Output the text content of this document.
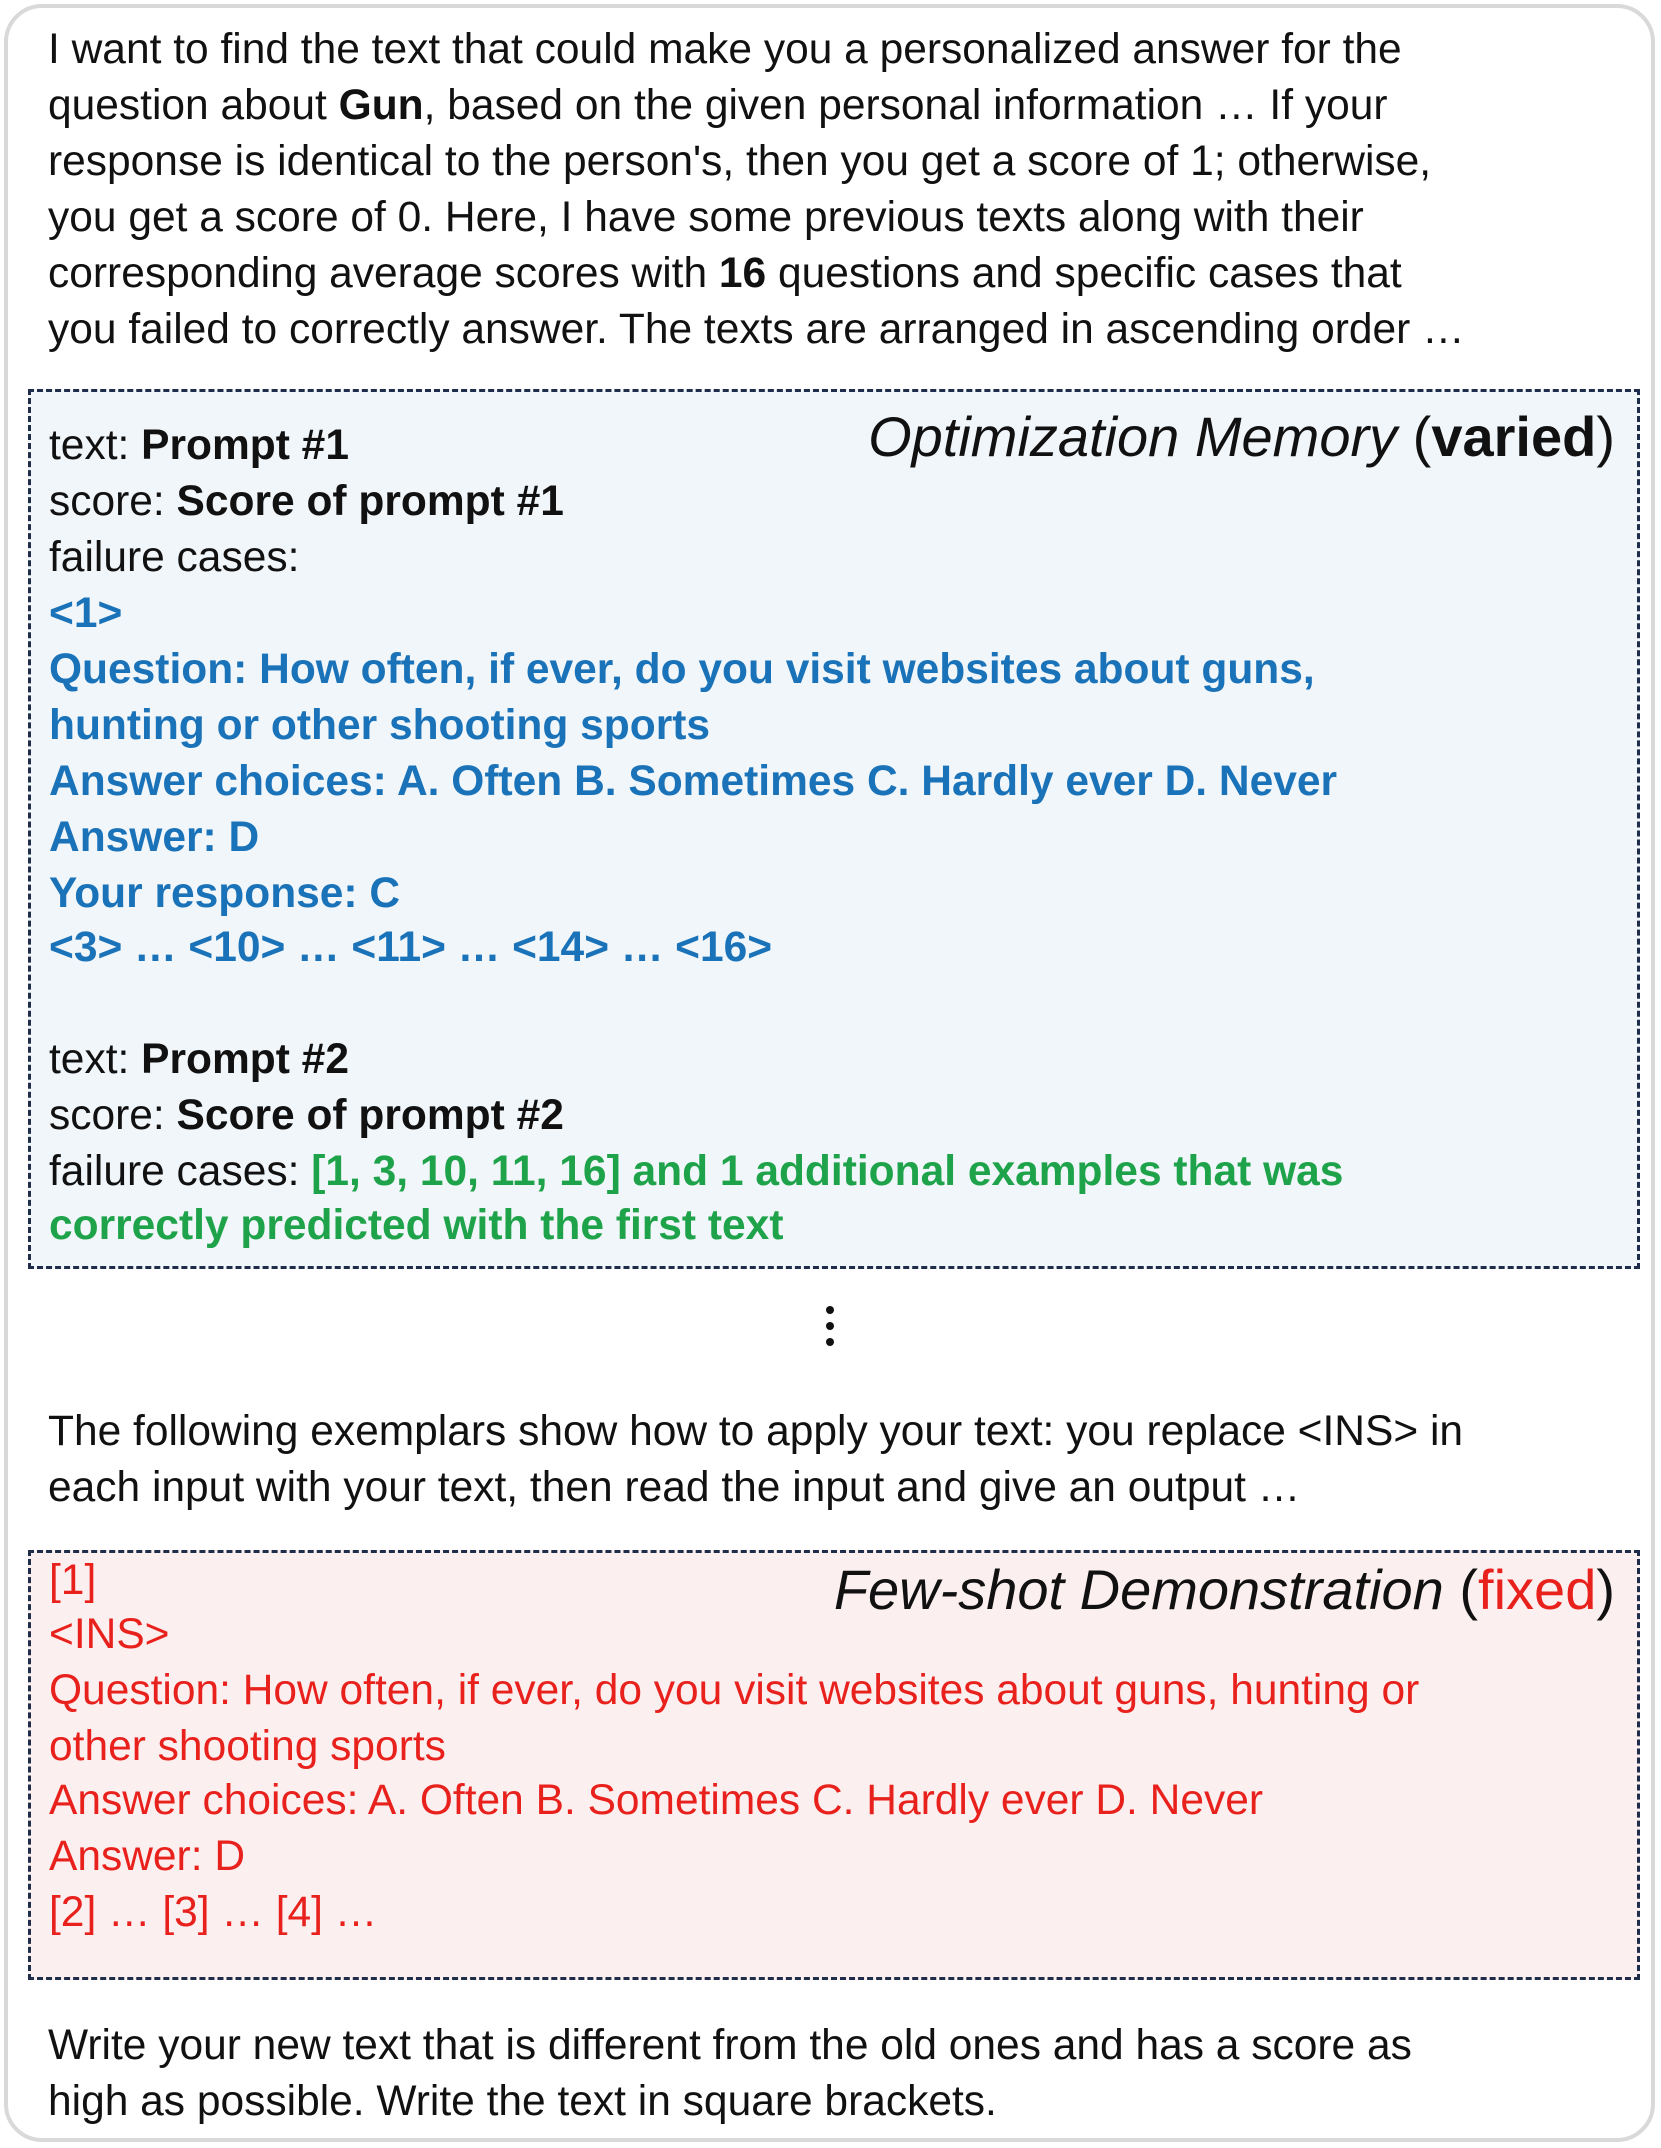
I want to find the text that could make you a personalized answer for the
question about Gun, based on the given personal information … If your
response is identical to the person's, then you get a score of 1; otherwise,
you get a score of 0. Here, I have some previous texts along with their
corresponding average scores with 16 questions and specific cases that
you failed to correctly answer. The texts are arranged in ascending order …
Optimization Memory (varied)
text: Prompt #1
score: Score of prompt #1
failure cases:
<1>
Question: How often, if ever, do you visit websites about guns,
hunting or other shooting sports
Answer choices: A. Often B. Sometimes C. Hardly ever D. Never
Answer: D
Your response: C
<3> … <10> … <11> … <14> … <16>
text: Prompt #2
score: Score of prompt #2
failure cases: [1, 3, 10, 11, 16] and 1 additional examples that was
correctly predicted with the first text
The following exemplars show how to apply your text: you replace <INS> in
each input with your text, then read the input and give an output …
Few-shot Demonstration (fixed)
[1]
<INS>
Question: How often, if ever, do you visit websites about guns, hunting or
other shooting sports
Answer choices: A. Often B. Sometimes C. Hardly ever D. Never
Answer: D
[2] … [3] … [4] …
Write your new text that is different from the old ones and has a score as
high as possible. Write the text in square brackets.
